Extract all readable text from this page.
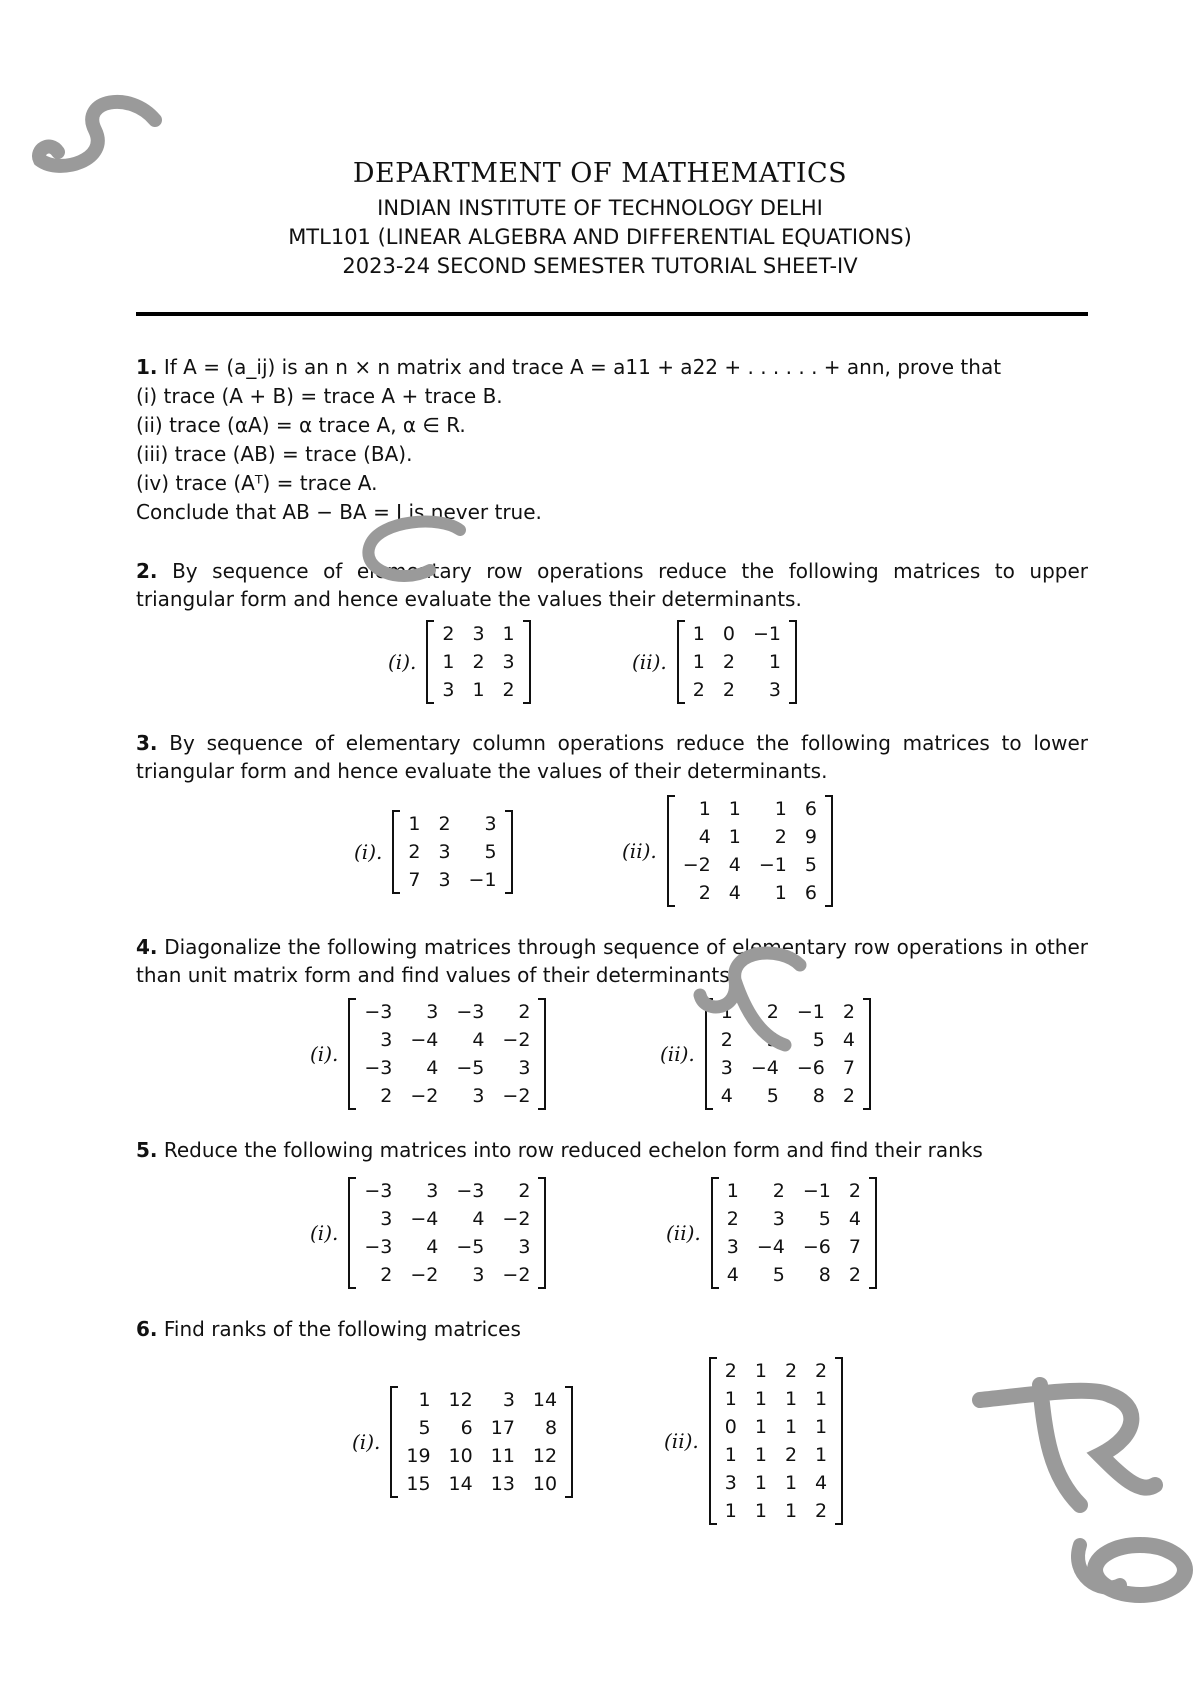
DEPARTMENT OF MATHEMATICS
INDIAN INSTITUTE OF TECHNOLOGY DELHI
MTL101 (LINEAR ALGEBRA AND DIFFERENTIAL EQUATIONS)
2023-24 SECOND SEMESTER TUTORIAL SHEET-IV
1. If A = (a_ij) is an n × n matrix and trace A = a11 + a22 + . . . . . . + ann, prove that
(i) trace (A + B) = trace A + trace B.
(ii) trace (αA) = α trace A, α ∈ R.
(iii) trace (AB) = trace (BA).
(iv) trace (Aᵀ) = trace A.
Conclude that AB − BA = I is never true.
2. By sequence of elementary row operations reduce the following matrices to upper triangular form and hence evaluate the values their determinants.
(i).
2	3	1
1	2	3
3	1	2
(ii).
1	0	−1
1	2	1
2	2	3
3. By sequence of elementary column operations reduce the following matrices to lower triangular form and hence evaluate the values of their determinants.
(i).
1	2	3
2	3	5
7	3	−1
(ii).
1	1	1	6
4	1	2	9
−2	4	−1	5
2	4	1	6
4. Diagonalize the following matrices through sequence of elementary row operations in other than unit matrix form and find values of their determinants.
(i).
−3	3	−3	2
3	−4	4	−2
−3	4	−5	3
2	−2	3	−2
(ii).
1	2	−1	2
2	3	5	4
3	−4	−6	7
4	5	8	2
5. Reduce the following matrices into row reduced echelon form and find their ranks
(i).
−3	3	−3	2
3	−4	4	−2
−3	4	−5	3
2	−2	3	−2
(ii).
1	2	−1	2
2	3	5	4
3	−4	−6	7
4	5	8	2
6. Find ranks of the following matrices
(i).
1	12	3	14
5	6	17	8
19	10	11	12
15	14	13	10
(ii).
2	1	2	2
1	1	1	1
0	1	1	1
1	1	2	1
3	1	1	4
1	1	1	2
